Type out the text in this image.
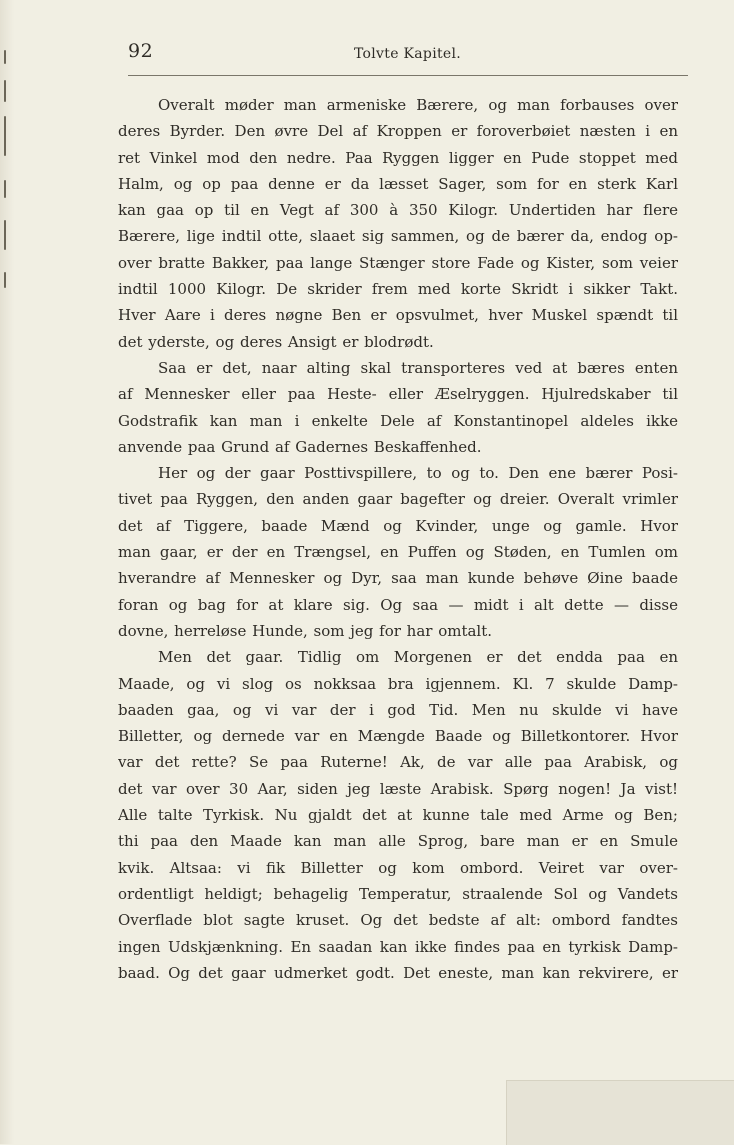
92	Tolvte Kapitel.
Overalt møder man armeniske Bærere, og man forbauses over
deres Byrder. Den øvre Del af Kroppen er foroverbøiet næsten i en
ret Vinkel mod den nedre. Paa Ryggen ligger en Pude stoppet med
Halm, og op paa denne er da læsset Sager, som for en sterk Karl
kan gaa op til en Vegt af 300 à 350 Kilogr. Undertiden har flere
Bærere, lige indtil otte, slaaet sig sammen, og de bærer da, endog op-
over bratte Bakker, paa lange Stænger store Fade og Kister, som veier
indtil 1000 Kilogr. De skrider frem med korte Skridt i sikker Takt.
Hver Aare i deres nøgne Ben er opsvulmet, hver Muskel spændt til
det yderste, og deres Ansigt er blodrødt.
Saa er det, naar alting skal transporteres ved at bæres enten
af Mennesker eller paa Heste- eller Æselryggen. Hjulredskaber til
Godstrafik kan man i enkelte Dele af Konstantinopel aldeles ikke
anvende paa Grund af Gadernes Beskaffenhed.
Her og der gaar Posttivspillere, to og to. Den ene bærer Posi-
tivet paa Ryggen, den anden gaar bagefter og dreier. Overalt vrimler
det af Tiggere, baade Mænd og Kvinder, unge og gamle. Hvor
man gaar, er der en Trængsel, en Puffen og Støden, en Tumlen om
hverandre af Mennesker og Dyr, saa man kunde behøve Øine baade
foran og bag for at klare sig. Og saa — midt i alt dette — disse
dovne, herreløse Hunde, som jeg for har omtalt.
Men det gaar. Tidlig om Morgenen er det endda paa en
Maade, og vi slog os nokksaa bra igjennem. Kl. 7 skulde Damp-
baaden gaa, og vi var der i god Tid. Men nu skulde vi have
Billetter, og dernede var en Mængde Baade og Billetkontorer. Hvor
var det rette? Se paa Ruterne! Ak, de var alle paa Arabisk, og
det var over 30 Aar, siden jeg læste Arabisk. Spørg nogen! Ja vist!
Alle talte Tyrkisk. Nu gjaldt det at kunne tale med Arme og Ben;
thi paa den Maade kan man alle Sprog, bare man er en Smule
kvik. Altsaa: vi fik Billetter og kom ombord. Veiret var over-
ordentligt heldigt; behagelig Temperatur, straalende Sol og Vandets
Overflade blot sagte kruset. Og det bedste af alt: ombord fandtes
ingen Udskjænkning. En saadan kan ikke findes paa en tyrkisk Damp-
baad. Og det gaar udmerket godt. Det eneste, man kan rekvirere, er
